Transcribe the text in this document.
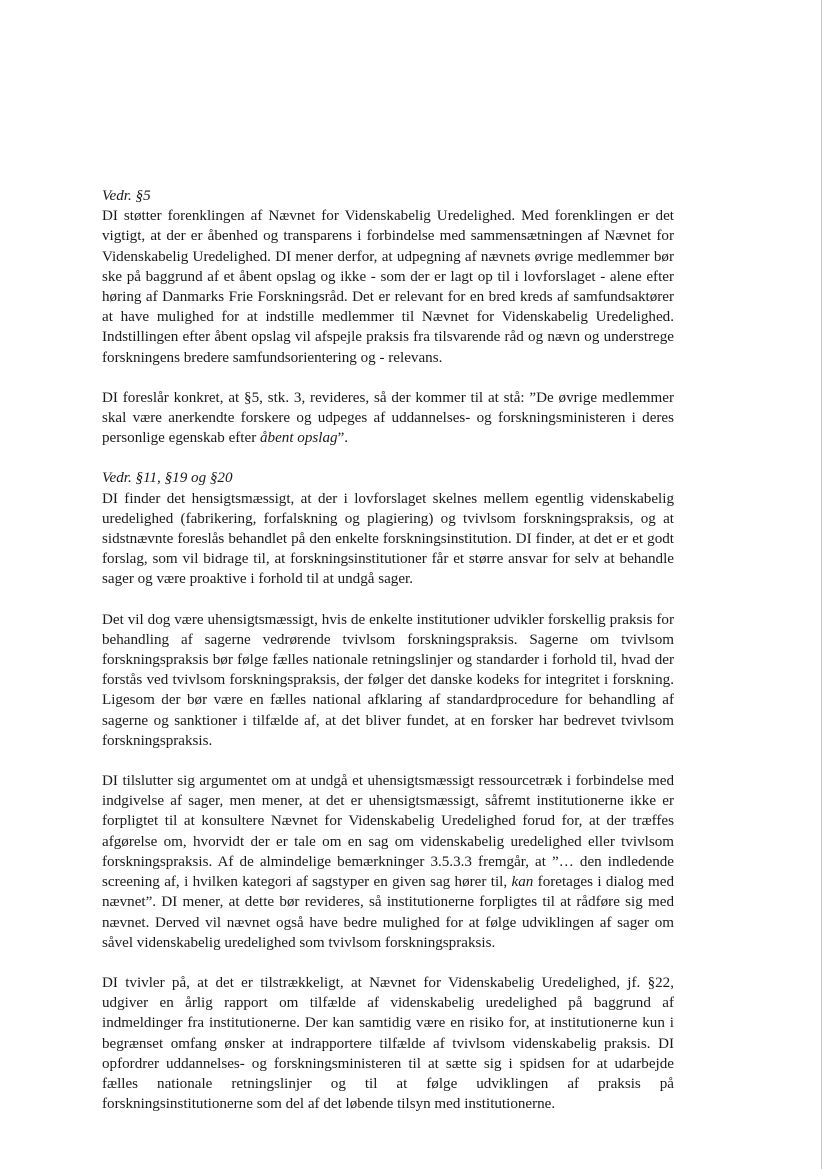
Vedr. §5

DI støtter forenklingen af Nævnet for Videnskabelig Uredelighed. Med forenklingen er det vigtigt, at der er åbenhed og transparens i forbindelse med sammensætningen af Nævnet for Videnskabelig Uredelighed. DI mener derfor, at udpegning af nævnets øvrige medlemmer bør ske på baggrund af et åbent opslag og ikke - som der er lagt op til i lovforslaget - alene efter høring af Danmarks Frie Forskningsråd. Det er relevant for en bred kreds af samfundsaktører at have mulighed for at indstille medlemmer til Nævnet for Videnskabelig Uredelighed. Indstillingen efter åbent opslag vil afspejle praksis fra tilsvarende råd og nævn og understrege forskningens bredere samfundsorientering og - relevans.

DI foreslår konkret, at §5, stk. 3, revideres, så der kommer til at stå: ”De øvrige medlemmer skal være anerkendte forskere og udpeges af uddannelses- og forskningsministeren i deres personlige egenskab efter åbent opslag”.

Vedr. §11, §19 og §20

DI finder det hensigtsmæssigt, at der i lovforslaget skelnes mellem egentlig videnskabelig uredelighed (fabrikering, forfalskning og plagiering) og tvivlsom forskningspraksis, og at sidstnævnte foreslås behandlet på den enkelte forskningsinstitution. DI finder, at det er et godt forslag, som vil bidrage til, at forskningsinstitutioner får et større ansvar for selv at behandle sager og være proaktive i forhold til at undgå sager.

Det vil dog være uhensigtsmæssigt, hvis de enkelte institutioner udvikler forskellig praksis for behandling af sagerne vedrørende tvivlsom forskningspraksis. Sagerne om tvivlsom forskningspraksis bør følge fælles nationale retningslinjer og standarder i forhold til, hvad der forstås ved tvivlsom forskningspraksis, der følger det danske kodeks for integritet i forskning. Ligesom der bør være en fælles national afklaring af standardprocedure for behandling af sagerne og sanktioner i tilfælde af, at det bliver fundet, at en forsker har bedrevet tvivlsom forskningspraksis.

DI tilslutter sig argumentet om at undgå et uhensigtsmæssigt ressourcetræk i forbindelse med indgivelse af sager, men mener, at det er uhensigtsmæssigt, såfremt institutionerne ikke er forpligtet til at konsultere Nævnet for Videnskabelig Uredelighed forud for, at der træffes afgørelse om, hvorvidt der er tale om en sag om videnskabelig uredelighed eller tvivlsom forskningspraksis. Af de almindelige bemærkninger 3.5.3.3 fremgår, at ”… den indledende screening af, i hvilken kategori af sagstyper en given sag hører til, kan foretages i dialog med nævnet”. DI mener, at dette bør revideres, så institutionerne forpligtes til at rådføre sig med nævnet. Derved vil nævnet også have bedre mulighed for at følge udviklingen af sager om såvel videnskabelig uredelighed som tvivlsom forskningspraksis.

DI tvivler på, at det er tilstrækkeligt, at Nævnet for Videnskabelig Uredelighed, jf. §22, udgiver en årlig rapport om tilfælde af videnskabelig uredelighed på baggrund af indmeldinger fra institutionerne. Der kan samtidig være en risiko for, at institutionerne kun i begrænset omfang ønsker at indrapportere tilfælde af tvivlsom videnskabelig praksis. DI opfordrer uddannelses- og forskningsministeren til at sætte sig i spidsen for at udarbejde fælles nationale retningslinjer og til at følge udviklingen af praksis på forskningsinstitutionerne som del af det løbende tilsyn med institutionerne.
